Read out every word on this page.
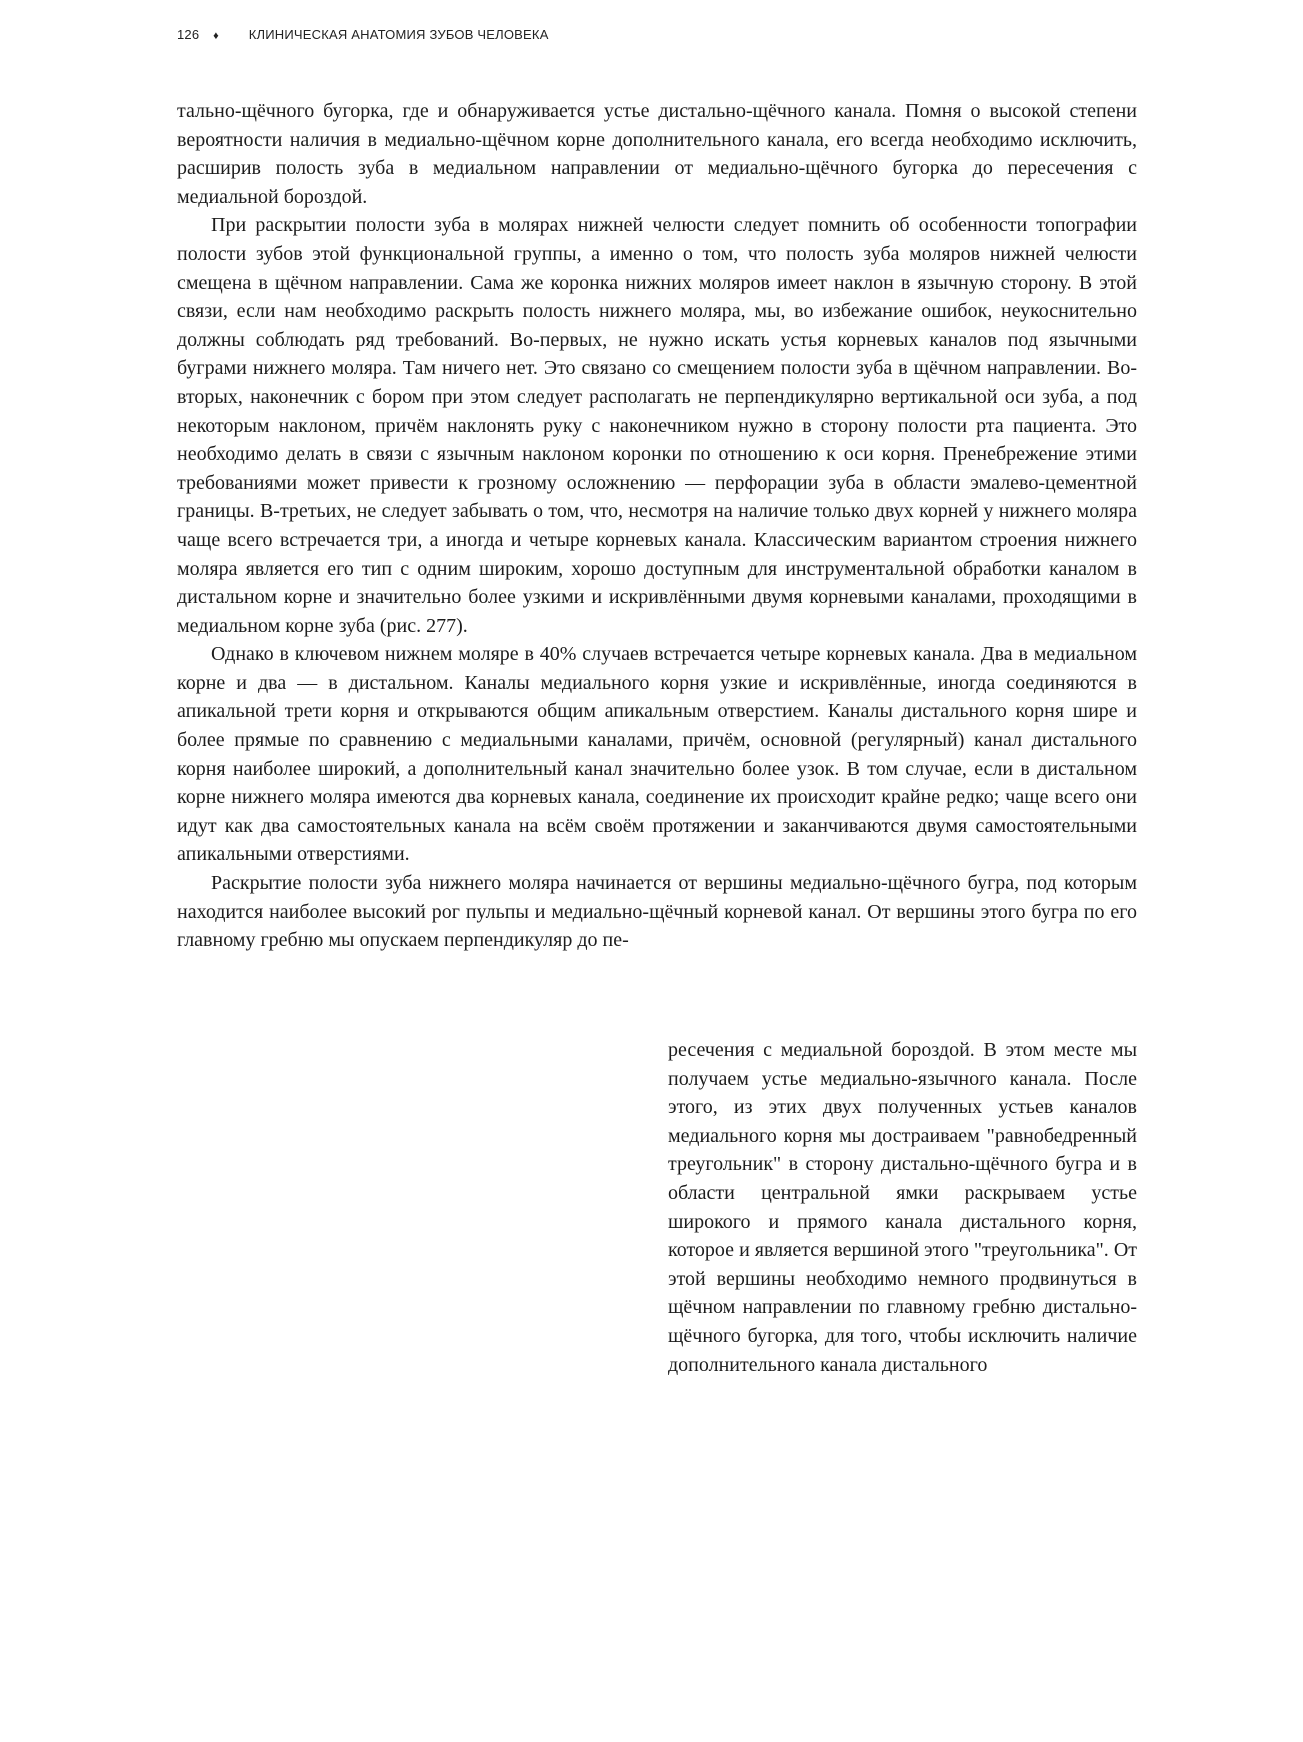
126 ♦ КЛИНИЧЕСКАЯ АНАТОМИЯ ЗУБОВ ЧЕЛОВЕКА

тально-щёчного бугорка, где и обнаруживается устье дистально-щёчного канала. Помня о высокой степени вероятности наличия в медиально-щёчном корне дополнительного канала, его всегда необходимо исключить, расширив полость зуба в медиальном направлении от медиально-щёчного бугорка до пересечения с медиальной бороздой.

При раскрытии полости зуба в молярах нижней челюсти следует помнить об особенности топографии полости зубов этой функциональной группы, а именно о том, что полость зуба моляров нижней челюсти смещена в щёчном направлении. Сама же коронка нижних моляров имеет наклон в язычную сторону. В этой связи, если нам необходимо раскрыть полость нижнего моляра, мы, во избежание ошибок, неукоснительно должны соблюдать ряд требований. Во-первых, не нужно искать устья корневых каналов под язычными буграми нижнего моляра. Там ничего нет. Это связано со смещением полости зуба в щёчном направлении. Во-вторых, наконечник с бором при этом следует располагать не перпендикулярно вертикальной оси зуба, а под некоторым наклоном, причём наклонять руку с наконечником нужно в сторону полости рта пациента. Это необходимо делать в связи с язычным наклоном коронки по отношению к оси корня. Пренебрежение этими требованиями может привести к грозному осложнению — перфорации зуба в области эмалево-цементной границы. В-третьих, не следует забывать о том, что, несмотря на наличие только двух корней у нижнего моляра чаще всего встречается три, а иногда и четыре корневых канала. Классическим вариантом строения нижнего моляра является его тип с одним широким, хорошо доступным для инструментальной обработки каналом в дистальном корне и значительно более узкими и искривлёнными двумя корневыми каналами, проходящими в медиальном корне зуба (рис. 277).

Однако в ключевом нижнем моляре в 40% случаев встречается четыре корневых канала. Два в медиальном корне и два — в дистальном. Каналы медиального корня узкие и искривлённые, иногда соединяются в апикальной трети корня и открываются общим апикальным отверстием. Каналы дистального корня шире и более прямые по сравнению с медиальными каналами, причём, основной (регулярный) канал дистального корня наиболее широкий, а дополнительный канал значительно более узок. В том случае, если в дистальном корне нижнего моляра имеются два корневых канала, соединение их происходит крайне редко; чаще всего они идут как два самостоятельных канала на всём своём протяжении и заканчиваются двумя самостоятельными апикальными отверстиями.

Раскрытие полости зуба нижнего моляра начинается от вершины медиально-щёчного бугра, под которым находится наиболее высокий рог пульпы и медиально-щёчный корневой канал. От вершины этого бугра по его главному гребню мы опускаем перпендикуляр до пе-

ресечения с медиальной бороздой. В этом месте мы получаем устье медиально-язычного канала. После этого, из этих двух полученных устьев каналов медиального корня мы достраиваем "равнобедренный треугольник" в сторону дистально-щёчного бугра и в области центральной ямки раскрываем устье широкого и прямого канала дистального корня, которое и является вершиной этого "треугольника". От этой вершины необходимо немного продвинуться в щёчном направлении по главному гребню дистально-щёчного бугорка, для того, чтобы исключить наличие дополнительного канала дистального
